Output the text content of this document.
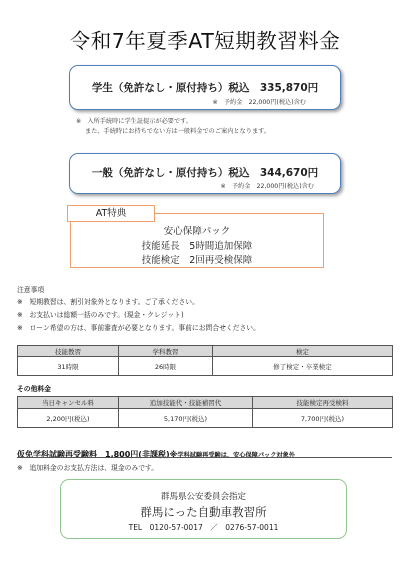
令和7年夏季AT短期教習料金
学生（免許なし・原付持ち）税込　335,870円
※　予約金　22,000円(税込)含む
※　入所手続時に学生証提示が必要です。
また、手続時にお持ちでない方は一般料金でのご案内となります。
一般（免許なし・原付持ち）税込　344,670円
※　予約金　22,000円(税込)含む
AT特典
安心保障パック
技能延長　5時間追加保障
技能検定　2回再受検保障
注意事項
※　短期教習は、割引対象外となります。ご了承ください。
※　お支払いは総額一括のみです。(現金・クレジット)
※　ローン希望の方は、事前審査が必要となります。事前にお問合せください。
技能教習	学科教習	検定
31時限	26時限	修了検定・卒業検定
その他料金
当日キャンセル料	追加技能代・技能補習代	技能検定再受検料
2,200円(税込)	5,170円(税込)	7,700円(税込)
仮免学科試験再受験料　1,800円(非課税)※学科試験再受験は、安心保障パック対象外
※　追加料金のお支払方法は、現金のみです。
群馬県公安委員会指定
群馬にった自動車教習所
TEL　0120-57-0017　／　0276-57-0011
